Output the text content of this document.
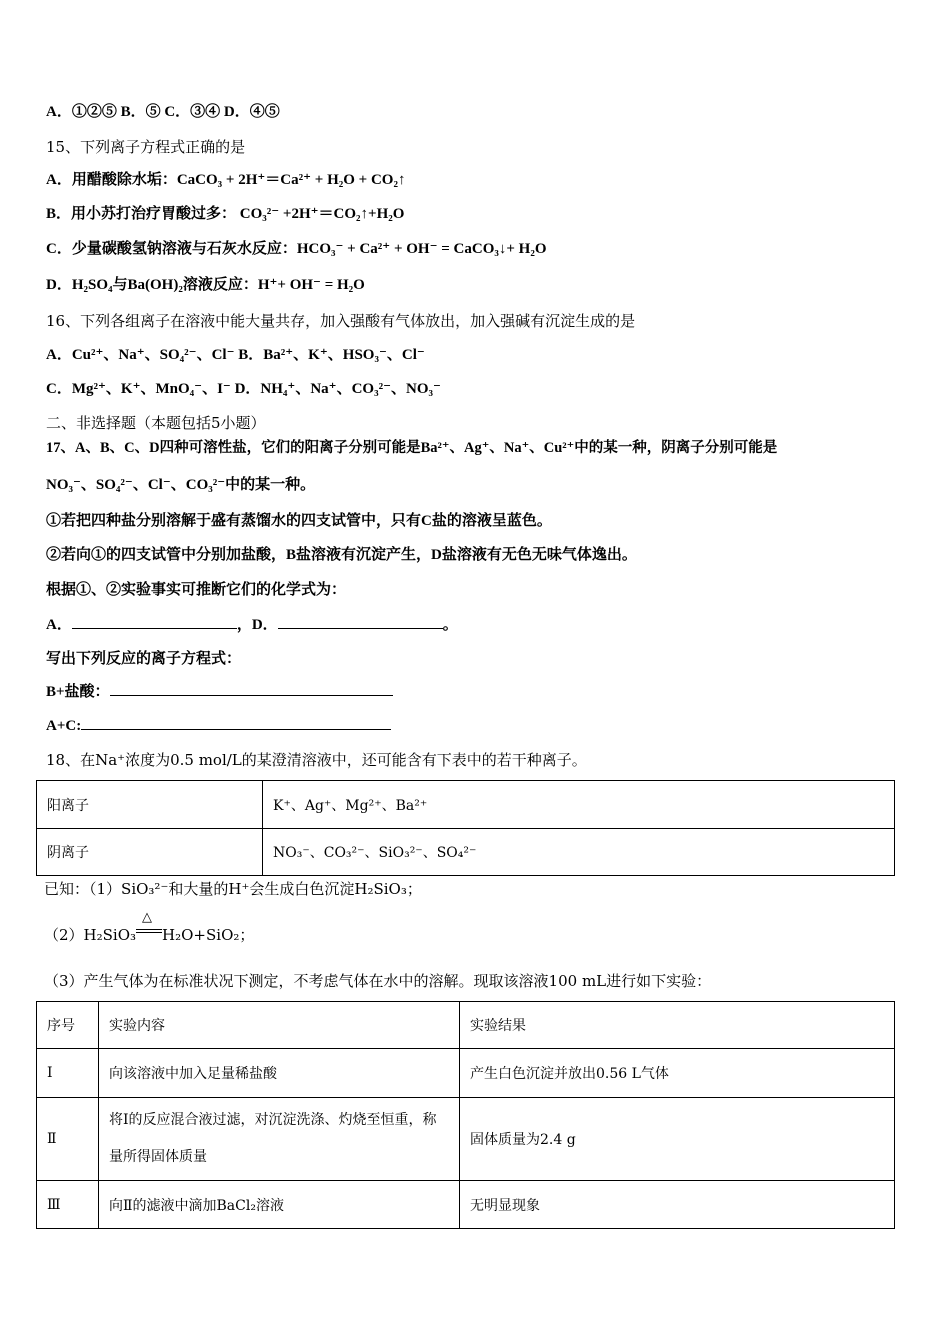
A．①②⑤ B．⑤ C．③④ D．④⑤
15、下列离子方程式正确的是
A．用醋酸除水垢：CaCO₃ + 2H⁺＝Ca²⁺ + H₂O + CO₂↑
B．用小苏打治疗胃酸过多： CO₃²⁻ +2H⁺＝CO₂↑+H₂O
C．少量碳酸氢钠溶液与石灰水反应：HCO₃⁻ + Ca²⁺ + OH⁻ = CaCO₃↓+ H₂O
D．H₂SO₄与Ba(OH)₂溶液反应：H⁺+ OH⁻ = H₂O
16、下列各组离子在溶液中能大量共存，加入强酸有气体放出，加入强碱有沉淀生成的是
A．Cu²⁺、Na⁺、SO₄²⁻、Cl⁻ B．Ba²⁺、K⁺、HSO₃⁻、Cl⁻
C．Mg²⁺、K⁺、MnO₄⁻、I⁻ D．NH₄⁺、Na⁺、CO₃²⁻、NO₃⁻
二、非选择题（本题包括5小题）
17、A、B、C、D四种可溶性盐，它们的阳离子分别可能是Ba²⁺、Ag⁺、Na⁺、Cu²⁺中的某一种，阴离子分别可能是
NO₃⁻、SO₄²⁻、Cl⁻、CO₃²⁻中的某一种。
①若把四种盐分别溶解于盛有蒸馏水的四支试管中，只有C盐的溶液呈蓝色。
②若向①的四支试管中分别加盐酸，B盐溶液有沉淀产生，D盐溶液有无色无味气体逸出。
根据①、②实验事实可推断它们的化学式为：
A．	，D．	。
写出下列反应的离子方程式：
B+盐酸：
A+C:
18、在Na⁺浓度为0.5 mol/L的某澄清溶液中，还可能含有下表中的若干种离子。
阳离子	K⁺、Ag⁺、Mg²⁺、Ba²⁺
阴离子	NO₃⁻、CO₃²⁻、SiO₃²⁻、SO₄²⁻
已知：（1）SiO₃²⁻和大量的H⁺会生成白色沉淀H₂SiO₃；
（2）H₂SiO₃
△
H₂O+SiO₂；
（3）产生气体为在标准状况下测定，不考虑气体在水中的溶解。现取该溶液100 mL进行如下实验：
序号	实验内容	实验结果
Ⅰ	向该溶液中加入足量稀盐酸	产生白色沉淀并放出0.56 L气体
Ⅱ	将Ⅰ的反应混合液过滤，对沉淀洗涤、灼烧至恒重，称量所得固体质量	固体质量为2.4 g
Ⅲ	向Ⅱ的滤液中滴加BaCl₂溶液	无明显现象
